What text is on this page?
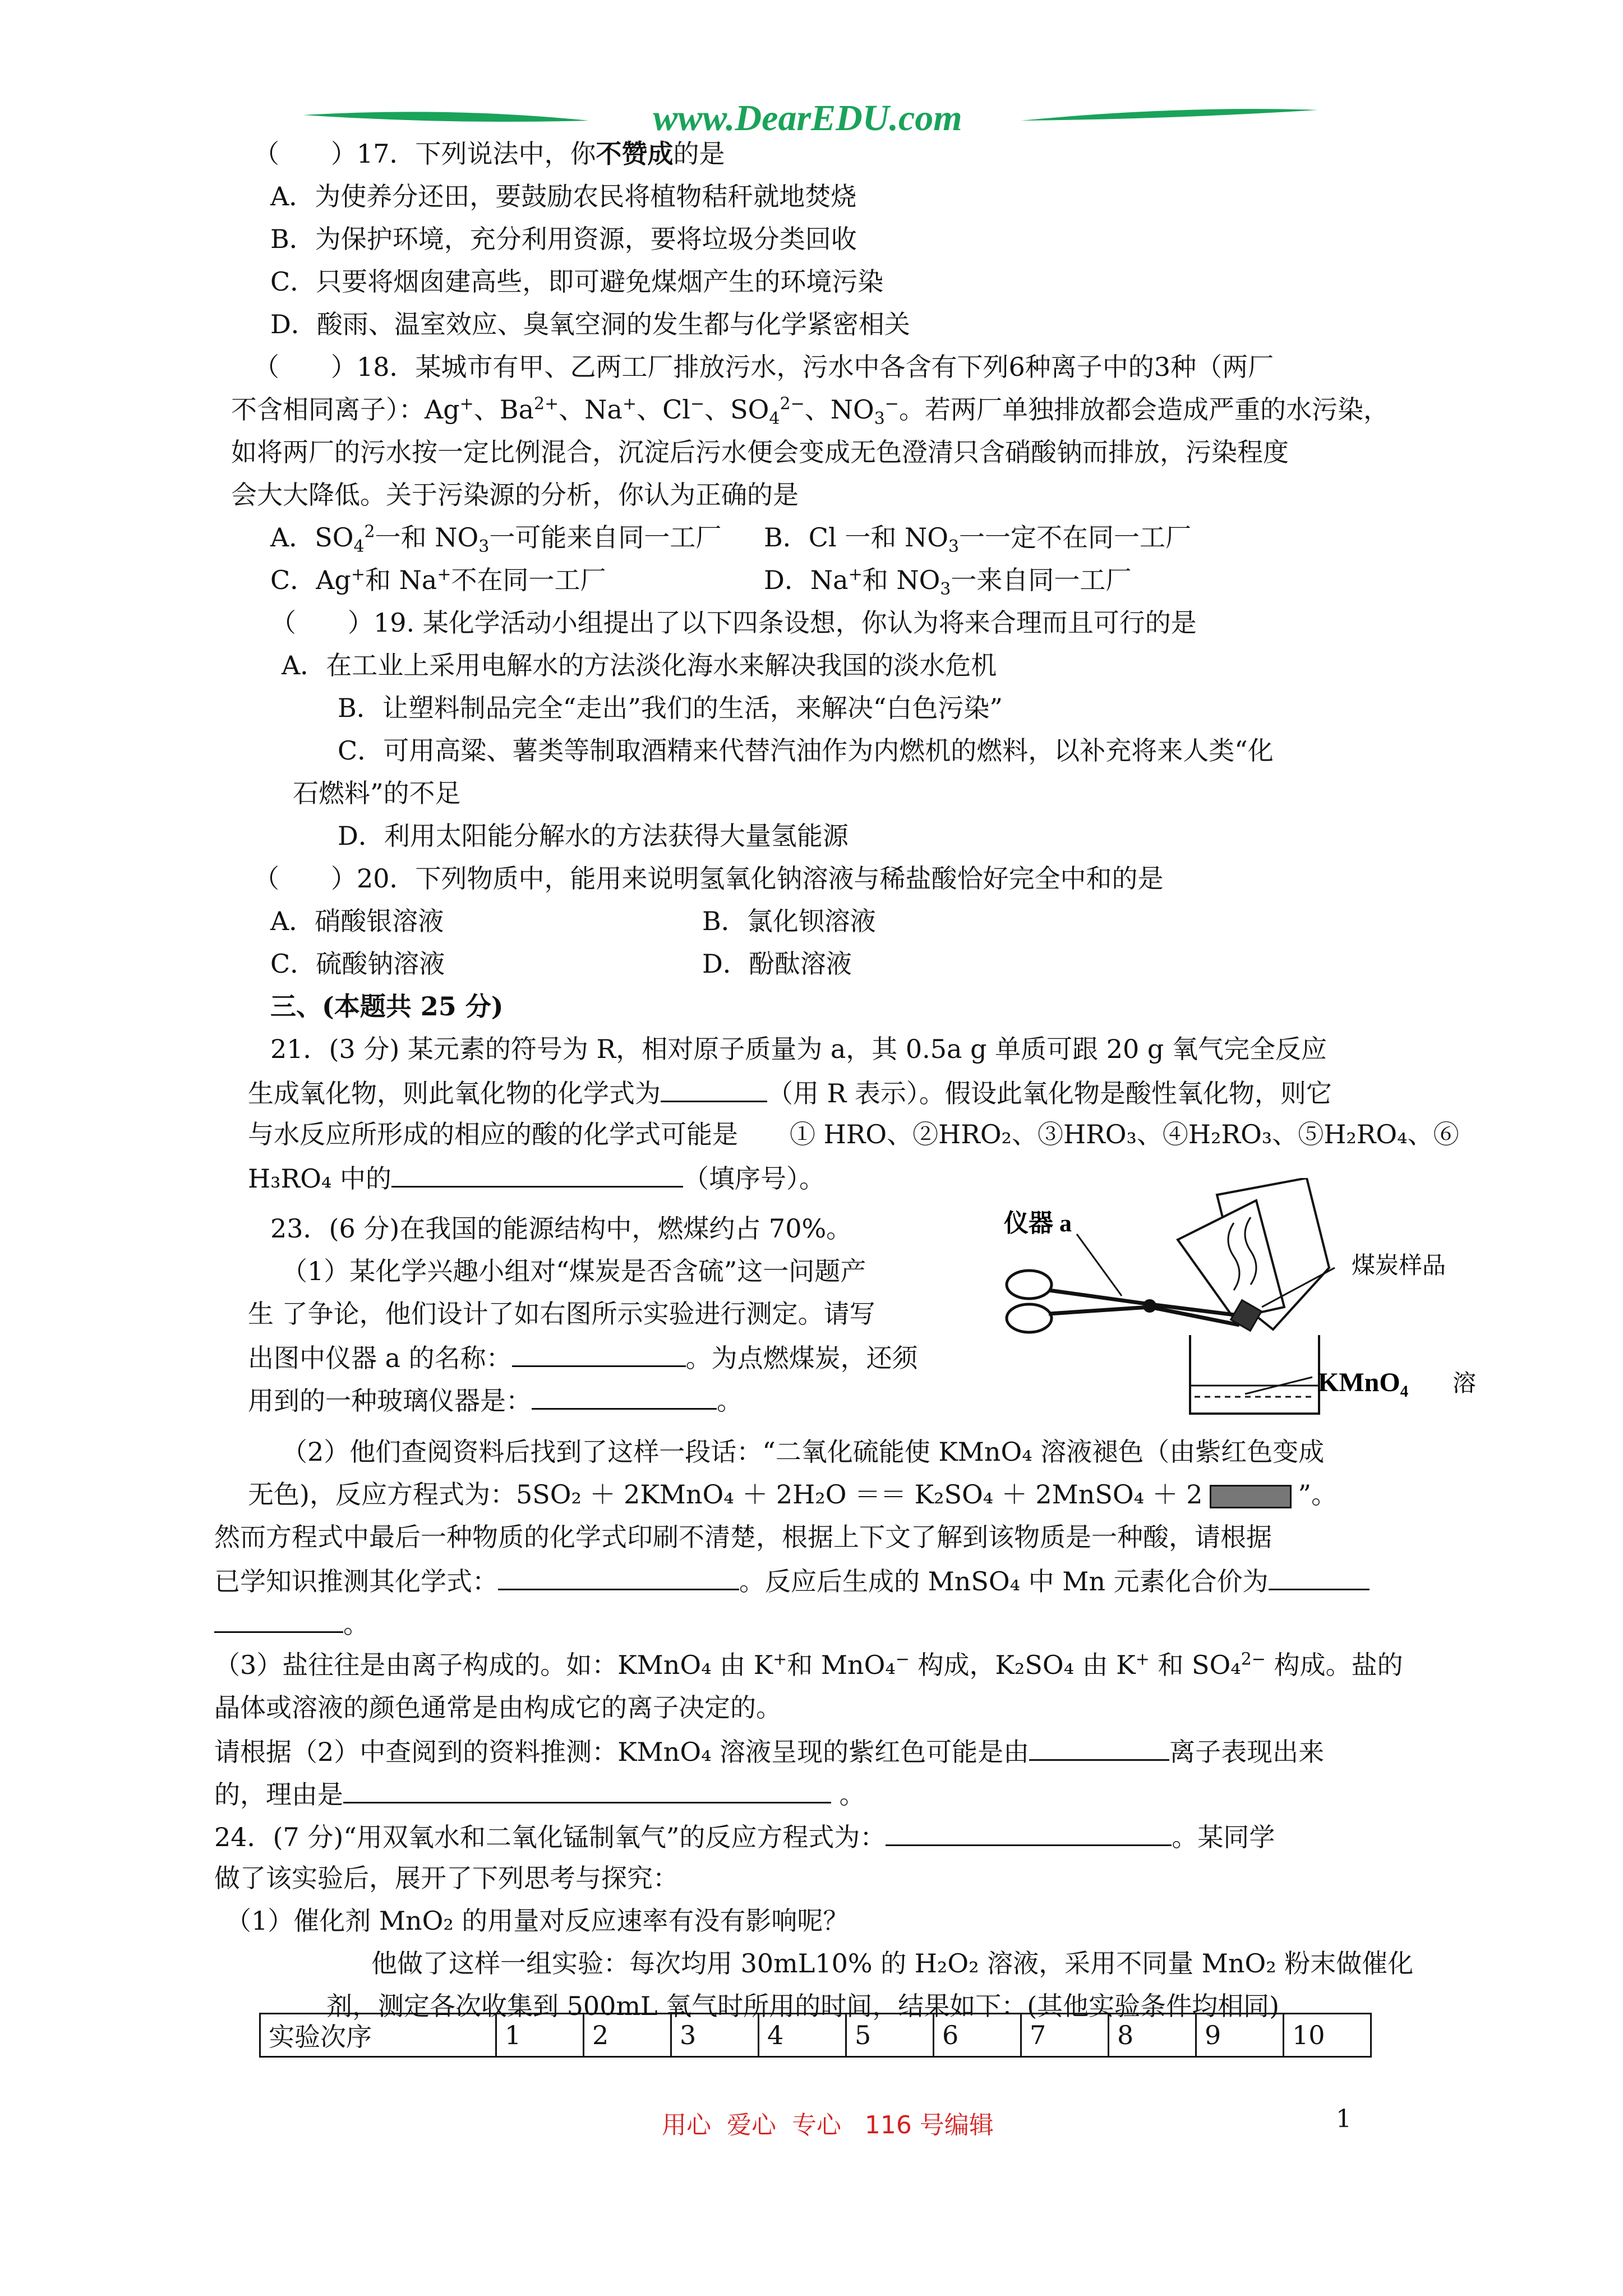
www.DearEDU.com
（　　）17．下列说法中，你不赞成的是
A．为使养分还田，要鼓励农民将植物秸秆就地焚烧
B．为保护环境，充分利用资源，要将垃圾分类回收
C．只要将烟囱建高些，即可避免煤烟产生的环境污染
D．酸雨、温室效应、臭氧空洞的发生都与化学紧密相关
（　　）18．某城市有甲、乙两工厂排放污水，污水中各含有下列6种离子中的3种（两厂
不含相同离子）：Ag+、$Ba^{2+}$、Na+、Cl−、$SO_4^{2-}$、$NO_3^-$。若两厂单独排放都会造成严重的水污染，
如将两厂的污水按一定比例混合，沉淀后污水便会变成无色澄清只含硝酸钠而排放，污染程度
会大大降低。关于污染源的分析，你认为正确的是
A．$SO_4^2$一和 $NO_3$一可能来自同一工厂 B．Cl 一和 $NO_3$一一定不在同一工厂
C．Ag+和 Na+不在同一工厂	D．Na+和 $NO_3$一来自同一工厂
（　　）19. 某化学活动小组提出了以下四条设想，你认为将来合理而且可行的是
A．在工业上采用电解水的方法淡化海水来解决我国的淡水危机
B．让塑料制品完全“走出”我们的生活，来解决“白色污染”
C．可用高粱、薯类等制取酒精来代替汽油作为内燃机的燃料，以补充将来人类“化
石燃料”的不足
D．利用太阳能分解水的方法获得大量氢能源
（　　）20．下列物质中，能用来说明氢氧化钠溶液与稀盐酸恰好完全中和的是
A．硝酸银溶液	B．氯化钡溶液
C．硫酸钠溶液	D．酚酞溶液
三、(本题共 25 分)
21．(3 分) 某元素的符号为 R，相对原子质量为 a，其 0.5a g 单质可跟 20 g 氧气完全反应
生成氧化物，则此氧化物的化学式为	（用 R 表示）。假设此氧化物是酸性氧化物，则它
与水反应所形成的相应的酸的化学式可能是　　① HRO、②HRO₂、③HRO₃、④H₂RO₃、⑤H₂RO₄、⑥
H₃RO₄ 中的	（填序号）。
23．(6 分)在我国的能源结构中，燃煤约占 70%。
（1）某化学兴趣小组对“煤炭是否含硫”这一问题产
生 了争论，他们设计了如右图所示实验进行测定。请写
出图中仪器 a 的名称：	。为点燃煤炭，还须
用到的一种玻璃仪器是：	。
（2）他们查阅资料后找到了这样一段话：“二氧化硫能使 KMnO₄ 溶液褪色（由紫红色变成
无色)，反应方程式为：5SO₂ ＋ 2KMnO₄ ＋ 2H₂O ＝＝ K₂SO₄ ＋ 2MnSO₄ ＋ 2	”。
然而方程式中最后一种物质的化学式印刷不清楚，根据上下文了解到该物质是一种酸，请根据
已学知识推测其化学式：	。反应后生成的 MnSO₄ 中 Mn 元素化合价为
。
（3）盐往往是由离子构成的。如：KMnO₄ 由 K+和 MnO₄− 构成，K₂SO₄ 由 K+ 和 SO₄$^{2-}$ 构成。盐的
晶体或溶液的颜色通常是由构成它的离子决定的。
请根据（2）中查阅到的资料推测：KMnO₄ 溶液呈现的紫红色可能是由	离子表现出来
的，理由是	。
24．(7 分)“用双氧水和二氧化锰制氧气”的反应方程式为：	。某同学
做了该实验后，展开了下列思考与探究：
（1）催化剂 MnO₂ 的用量对反应速率有没有影响呢？
他做了这样一组实验：每次均用 30mL10% 的 H₂O₂ 溶液，采用不同量 MnO₂ 粉末做催化
剂，测定各次收集到 500mL 氧气时所用的时间，结果如下：(其他实验条件均相同)
实验次序	1	2	3	4	5	6	7	8	9	10
仪器 a
煤炭样品
KMnO₄ 溶
用心  爱心  专心   116 号编辑	1
